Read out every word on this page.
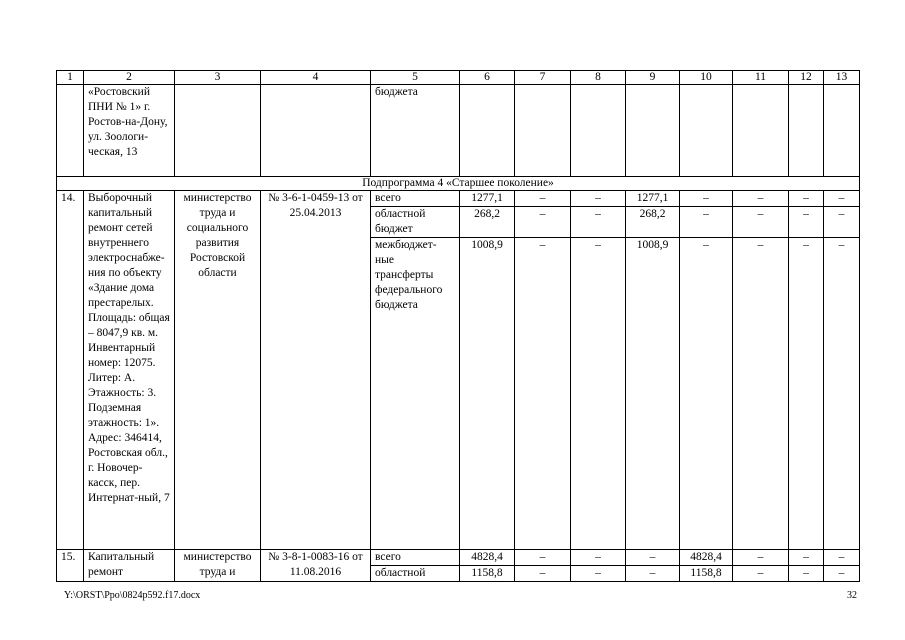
1	2	3	4	5	6	7	8	9	10	11	12	13
	«Ростовский ПНИ № 1» г. Ростов-на-Дону, ул. Зоологи-ческая, 13			бюджета								
Подпрограмма 4 «Старшее поколение»												
14.	Выборочный капитальный ремонт сетей внутреннего электроснабже-ния по объекту «Здание дома престарелых. Площадь: общая – 8047,9 кв. м. Инвентарный номер: 12075. Литер: А. Этажность: 3. Подземная этажность: 1». Адрес: 346414, Ростовская обл., г. Новочер-касск, пер. Интернат-ный, 7	министерство труда и социального развития Ростовской области	№ 3-6-1-0459-13 от 25.04.2013	всего	1277,1	–	–	1277,1	–	–	–	–
				областной бюджет	268,2	–	–	268,2	–	–	–	–
				межбюджет-ные трансферты федерального бюджета	1008,9	–	–	1008,9	–	–	–	–
15.	Капитальный ремонт	министерство труда и	№ 3-8-1-0083-16 от 11.08.2016	всего	4828,4	–	–	–	4828,4	–	–	–
				областной	1158,8	–	–	–	1158,8	–	–	–
Y:\ORST\Ppo\0824p592.f17.docx	32
